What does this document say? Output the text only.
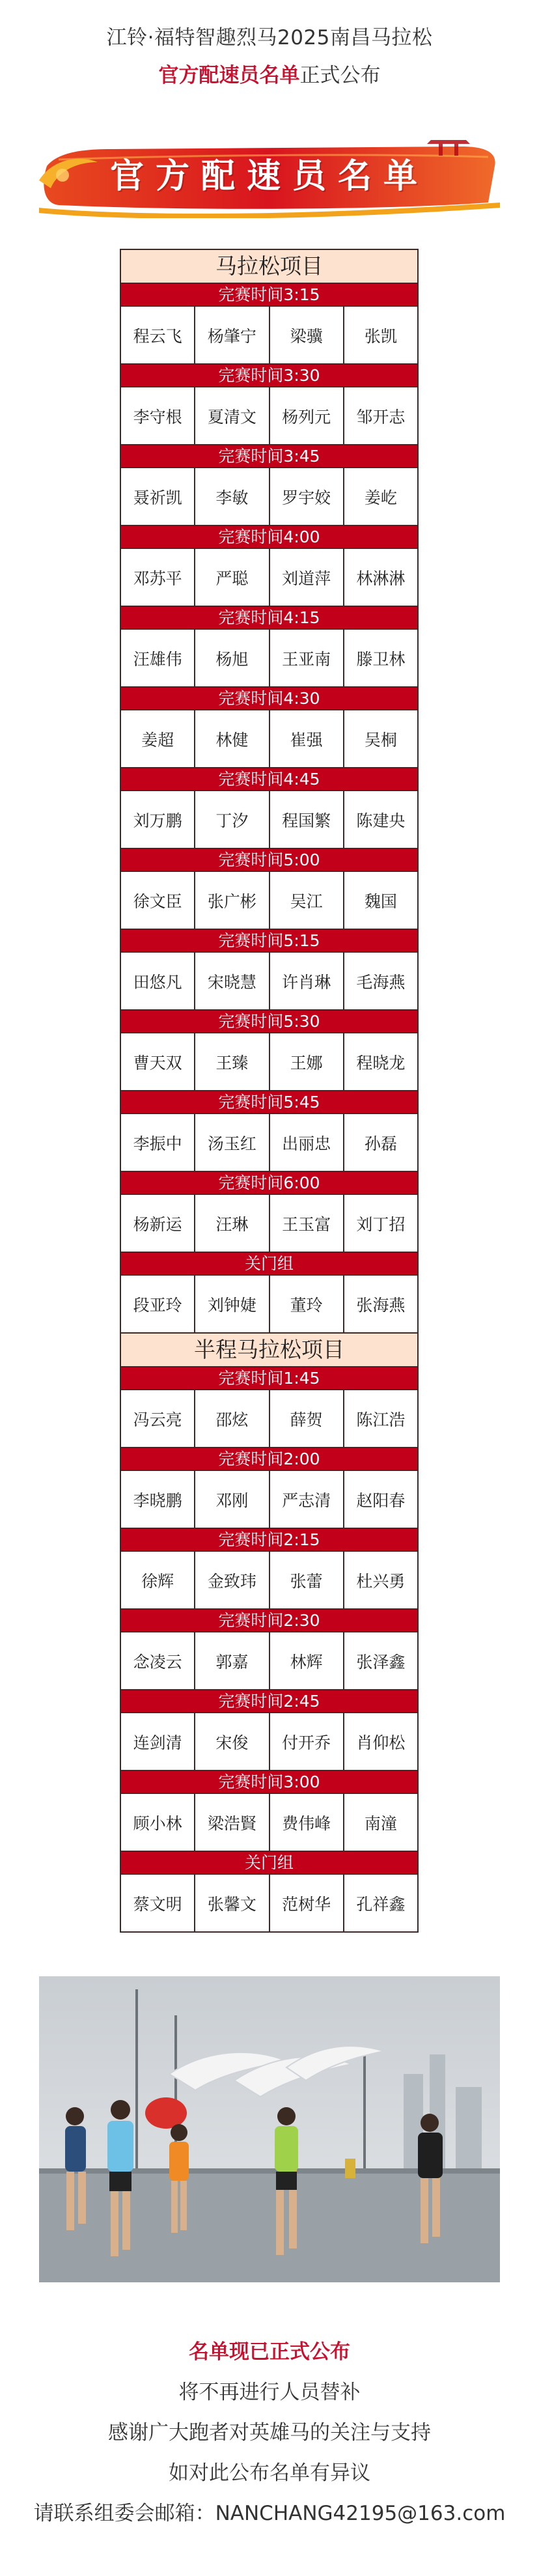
江铃·福特智趣烈马2025南昌马拉松
官方配速员名单正式公布
官方配速员名单
马拉松项目
完赛时间3:15
程云飞	杨肇宁	梁骥	张凯
完赛时间3:30
李守根	夏清文	杨列元	邹开志
完赛时间3:45
聂祈凯	李敏	罗宇姣	姜屹
完赛时间4:00
邓苏平	严聪	刘道萍	林淋淋
完赛时间4:15
汪雄伟	杨旭	王亚南	滕卫林
完赛时间4:30
姜超	林健	崔强	吴桐
完赛时间4:45
刘万鹏	丁汐	程国繁	陈建央
完赛时间5:00
徐文臣	张广彬	吴江	魏国
完赛时间5:15
田悠凡	宋晓慧	许肖琳	毛海燕
完赛时间5:30
曹天双	王臻	王娜	程晓龙
完赛时间5:45
李振中	汤玉红	出丽忠	孙磊
完赛时间6:00
杨新运	汪琳	王玉富	刘丁招
关门组
段亚玲	刘钟婕	董玲	张海燕
半程马拉松项目
完赛时间1:45
冯云亮	邵炫	薛贺	陈江浩
完赛时间2:00
李晓鹏	邓刚	严志清	赵阳春
完赛时间2:15
徐辉	金致玮	张蕾	杜兴勇
完赛时间2:30
念凌云	郭嘉	林辉	张泽鑫
完赛时间2:45
连剑清	宋俊	付开乔	肖仰松
完赛时间3:00
顾小林	梁浩賢	费伟峰	南潼
关门组
蔡文明	张馨文	范树华	孔祥鑫
名单现已正式公布
将不再进行人员替补
感谢广大跑者对英雄马的关注与支持
如对此公布名单有异议
请联系组委会邮箱：NANCHANG42195@163.com
